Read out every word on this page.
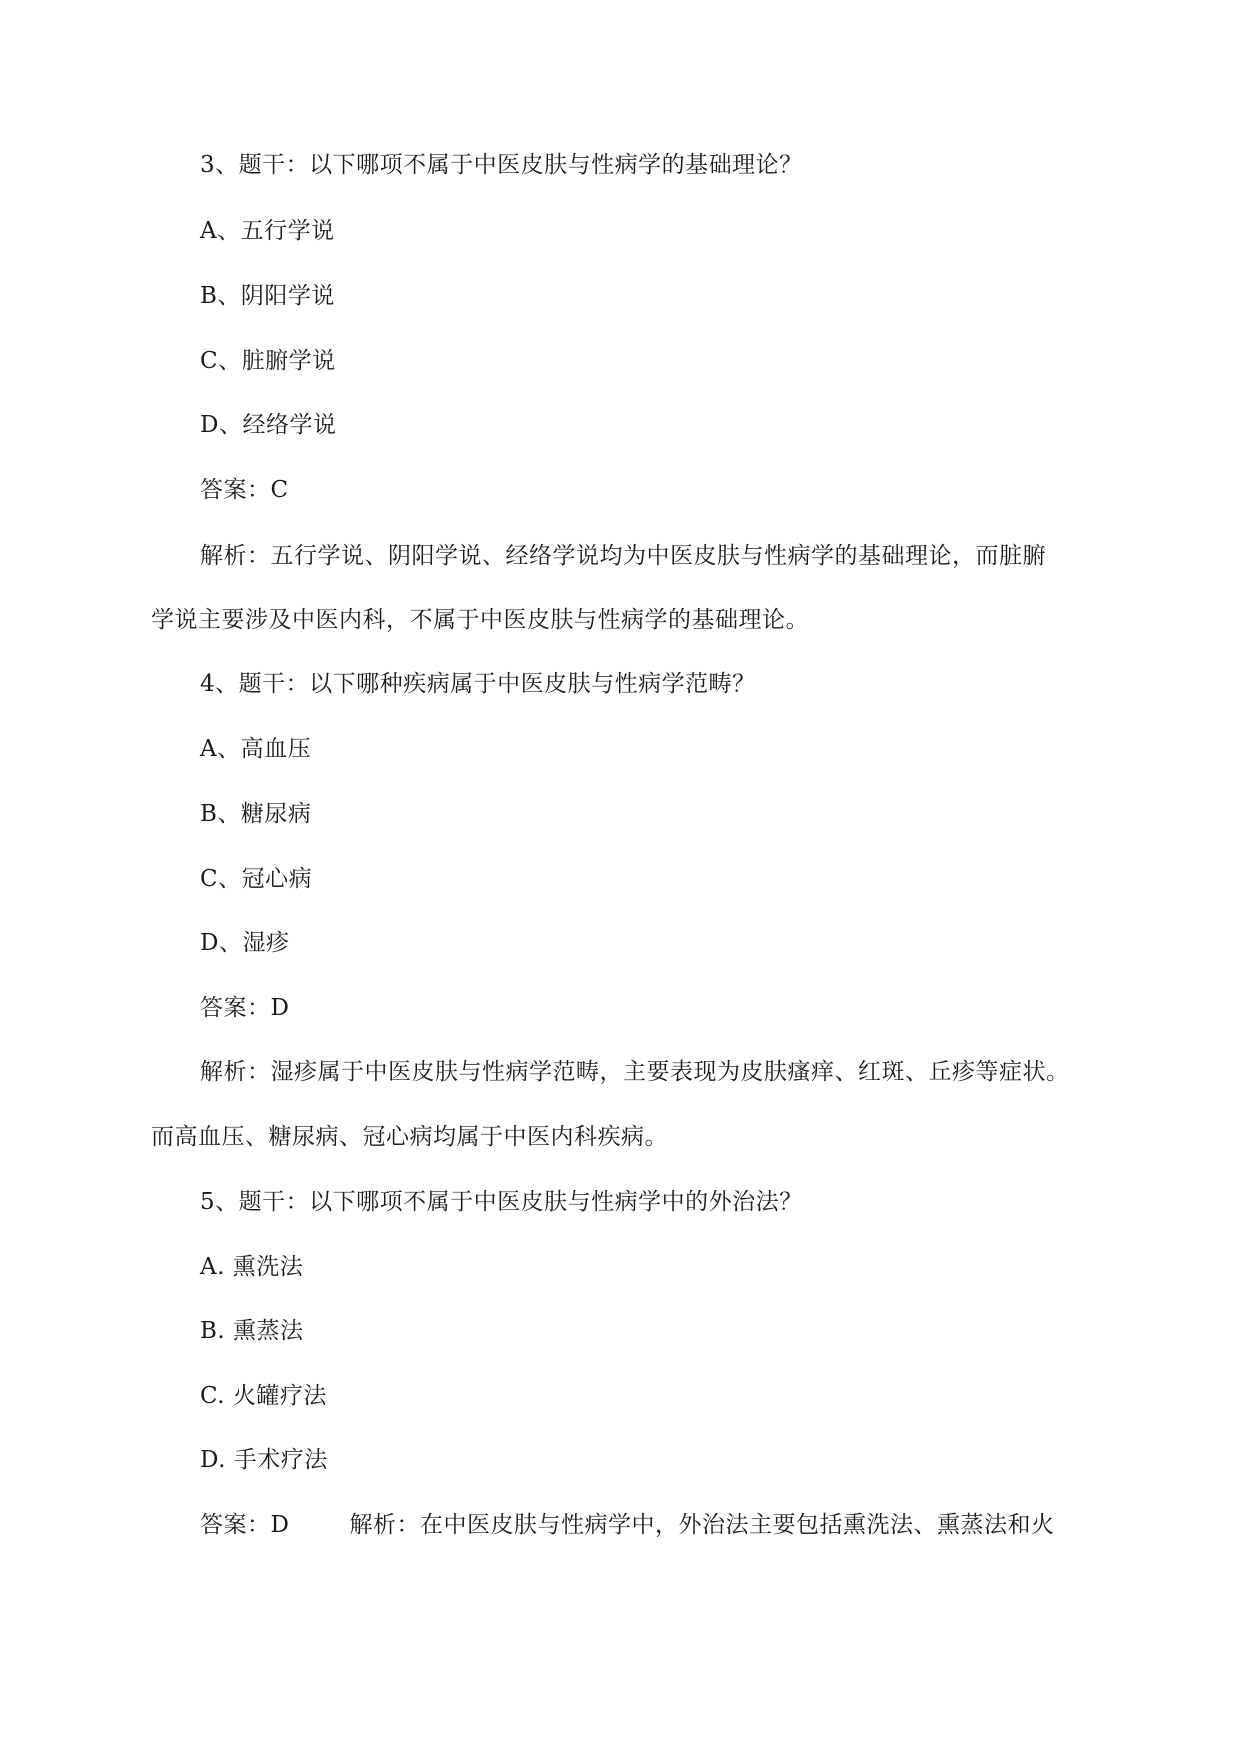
3、题干：以下哪项不属于中医皮肤与性病学的基础理论？
A、五行学说
B、阴阳学说
C、脏腑学说
D、经络学说
答案：C
解析：五行学说、阴阳学说、经络学说均为中医皮肤与性病学的基础理论，而脏腑
学说主要涉及中医内科，不属于中医皮肤与性病学的基础理论。
4、题干：以下哪种疾病属于中医皮肤与性病学范畴？
A、高血压
B、糖尿病
C、冠心病
D、湿疹
答案：D
解析：湿疹属于中医皮肤与性病学范畴，主要表现为皮肤瘙痒、红斑、丘疹等症状。
而高血压、糖尿病、冠心病均属于中医内科疾病。
5、题干：以下哪项不属于中医皮肤与性病学中的外治法？
A. 熏洗法
B. 熏蒸法
C. 火罐疗法
D. 手术疗法
答案：D	解析：在中医皮肤与性病学中，外治法主要包括熏洗法、熏蒸法和火
